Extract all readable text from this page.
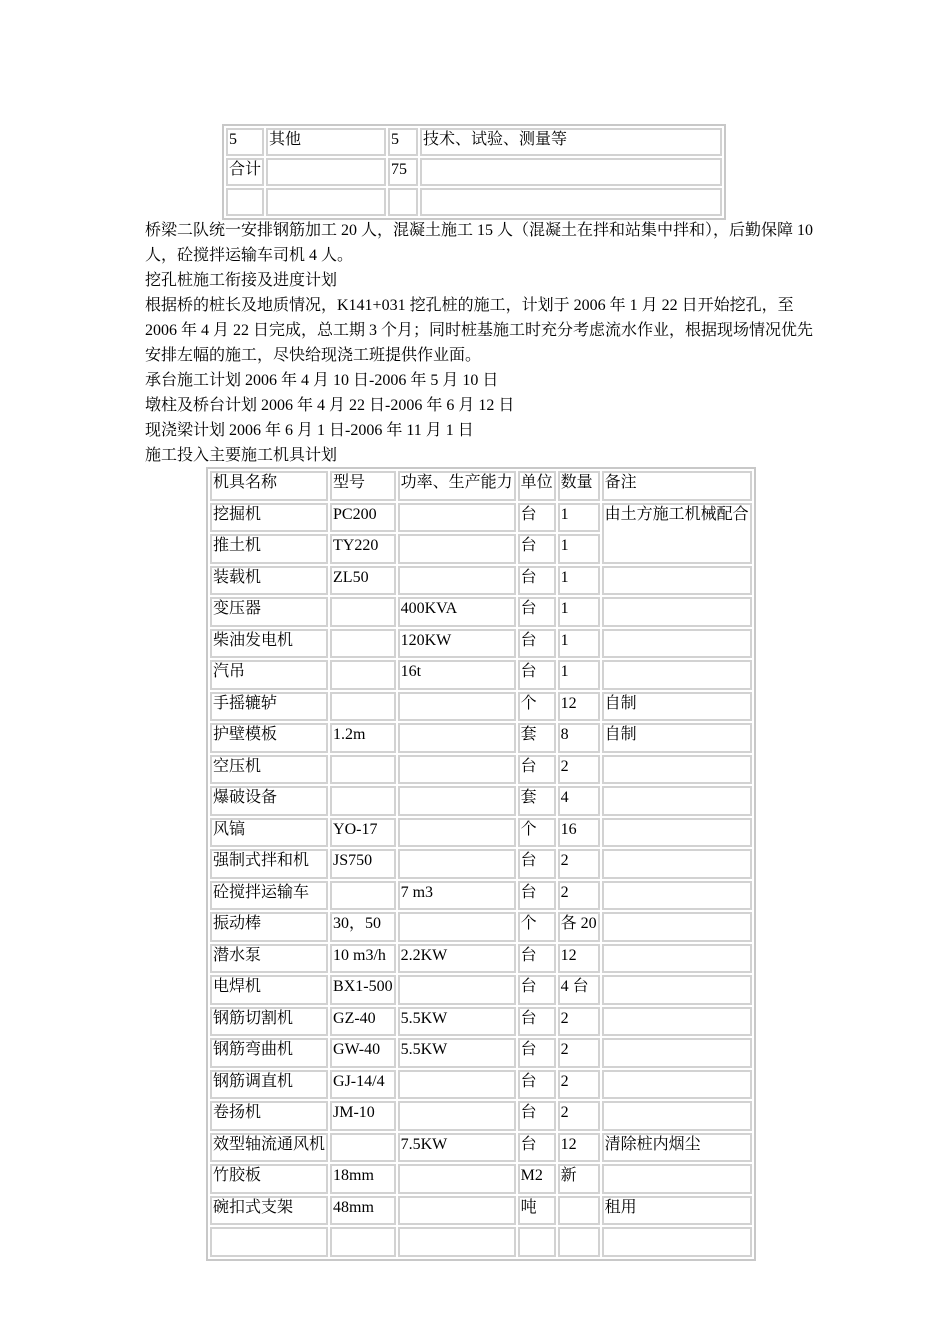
5	其他	5	技术、试验、测量等
合计		75	

桥梁二队统一安排钢筋加工 20 人，混凝土施工 15 人（混凝土在拌和站集中拌和），后勤保障 10 人，砼搅拌运输车司机 4 人。
挖孔桩施工衔接及进度计划
根据桥的桩长及地质情况，K141+031 挖孔桩的施工，计划于 2006 年 1 月 22 日开始挖孔，至 2006 年 4 月 22 日完成，总工期 3 个月；同时桩基施工时充分考虑流水作业，根据现场情况优先安排左幅的施工，尽快给现浇工班提供作业面。
承台施工计划 2006 年 4 月 10 日-2006 年 5 月 10 日
墩柱及桥台计划 2006 年 4 月 22 日-2006 年 6 月 12 日
现浇梁计划 2006 年 6 月 1 日-2006 年 11 月 1 日
施工投入主要施工机具计划
机具名称	型号	功率、生产能力	单位	数量	备注
挖掘机	PC200		台	1	由土方施工机械配合
推土机	TY220		台	1	
装载机	ZL50		台	1	
变压器		400KVA	台	1	
柴油发电机		120KW	台	1	
汽吊		16t	台	1	
手摇辘轳			个	12	自制
护壁模板	1.2m		套	8	自制
空压机			台	2	
爆破设备			套	4	
风镐	YO-17		个	16	
强制式拌和机	JS750		台	2	
砼搅拌运输车		7 m3	台	2	
振动棒	30，50		个	各 20	
潜水泵	10 m3/h	2.2KW	台	12	
电焊机	BX1-500		台	4 台	
钢筋切割机	GZ-40	5.5KW	台	2	
钢筋弯曲机	GW-40	5.5KW	台	2	
钢筋调直机	GJ-14/4		台	2	
卷扬机	JM-10		台	2	
效型轴流通风机		7.5KW	台	12	清除桩内烟尘
竹胶板	18mm		M2	新	
碗扣式支架	48mm		吨		租用
